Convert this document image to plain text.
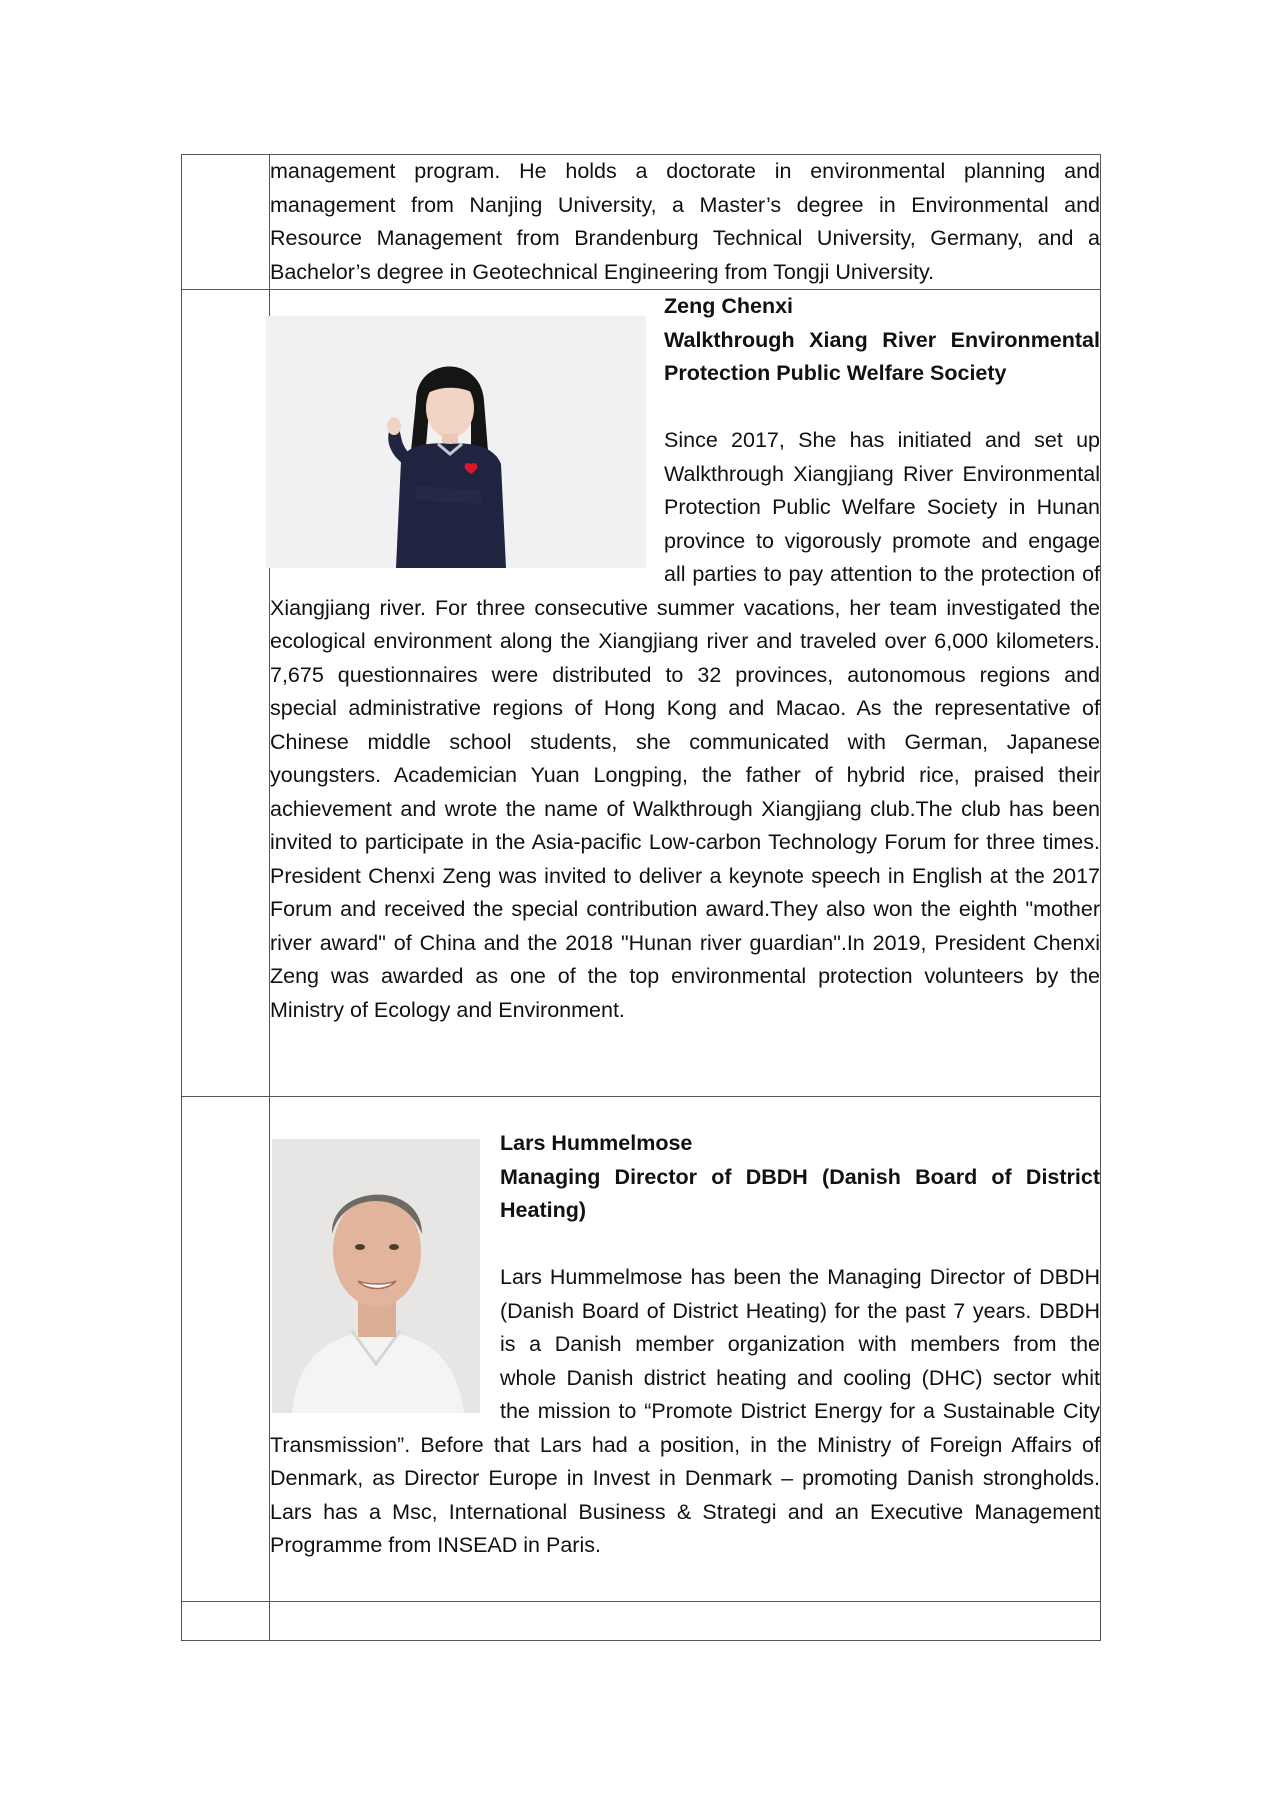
	management program. He holds a doctorate in environmental planning and management from Nanjing University, a Master’s degree in Environmental and Resource Management from Brandenburg Technical University, Germany, and a Bachelor’s degree in Geotechnical Engineering from Tongji University.

	Zeng Chenxi

Walkthrough Xiang River Environmental Protection Public Welfare Society

Since 2017, She has initiated and set up Walkthrough Xiangjiang River Environmental Protection Public Welfare Society in Hunan province to vigorously promote and engage all parties to pay attention to the protection of Xiangjiang river. For three consecutive summer vacations, her team investigated the ecological environment along the Xiangjiang river and traveled over 6,000 kilometers. 7,675 questionnaires were distributed to 32 provinces, autonomous regions and special administrative regions of Hong Kong and Macao. As the representative of Chinese middle school students, she communicated with German, Japanese youngsters. Academician Yuan Longping, the father of hybrid rice, praised their achievement and wrote the name of Walkthrough Xiangjiang club.The club has been invited to participate in the Asia-pacific Low-carbon Technology Forum for three times. President Chenxi Zeng was invited to deliver a keynote speech in English at the 2017 Forum and received the special contribution award.They also won the eighth "mother river award" of China and the 2018 "Hunan river guardian".In 2019, President Chenxi Zeng was awarded as one of the top environmental protection volunteers by the Ministry of Ecology and Environment.

	Lars Hummelmose

Managing Director of DBDH (Danish Board of District Heating)

Lars Hummelmose has been the Managing Director of DBDH (Danish Board of District Heating) for the past 7 years. DBDH is a Danish member organization with members from the whole Danish district heating and cooling (DHC) sector whit the mission to “Promote District Energy for a Sustainable City Transmission”. Before that Lars had a position, in the Ministry of Foreign Affairs of Denmark, as Director Europe in Invest in Denmark – promoting Danish strongholds. Lars has a Msc, International Business & Strategi and an Executive Management Programme from INSEAD in Paris.
